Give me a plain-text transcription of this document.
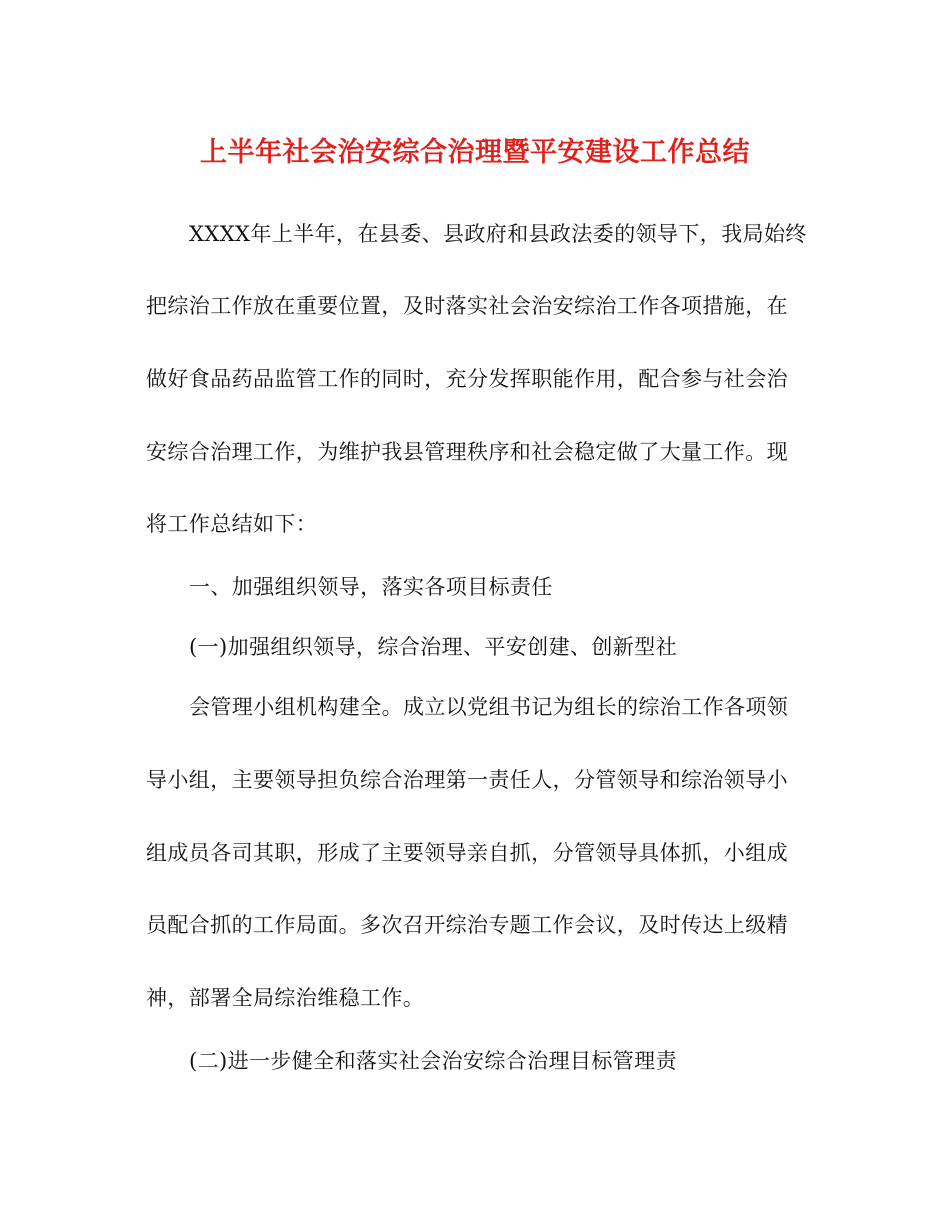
上半年社会治安综合治理暨平安建设工作总结
XXXX年上半年，在县委、县政府和县政法委的领导下，我局始终
把综治工作放在重要位置，及时落实社会治安综治工作各项措施，在
做好食品药品监管工作的同时，充分发挥职能作用，配合参与社会治
安综合治理工作，为维护我县管理秩序和社会稳定做了大量工作。现
将工作总结如下：
一、加强组织领导，落实各项目标责任
(一)加强组织领导，综合治理、平安创建、创新型社
会管理小组机构建全。成立以党组书记为组长的综治工作各项领
导小组，主要领导担负综合治理第一责任人，分管领导和综治领导小
组成员各司其职，形成了主要领导亲自抓，分管领导具体抓，小组成
员配合抓的工作局面。多次召开综治专题工作会议，及时传达上级精
神，部署全局综治维稳工作。
(二)进一步健全和落实社会治安综合治理目标管理责
